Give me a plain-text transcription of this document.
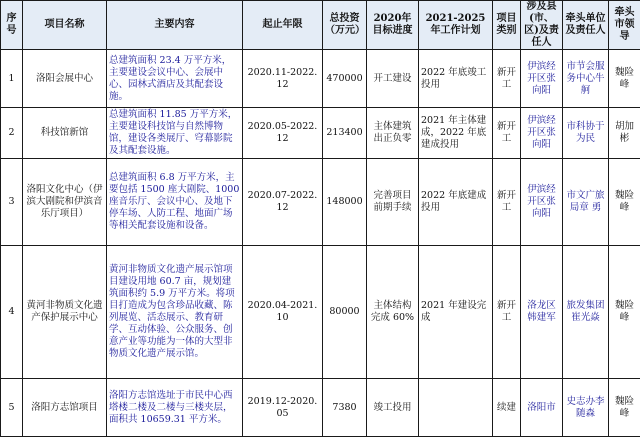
序号	项目名称	主要内容	起止年限	总投资（万元）	2020年目标进度	2021-2025年工作计划	项目类别	涉及县(市、区)及责任人	牵头单位及责任人	牵头市领导
1	洛阳会展中心	总建筑面积 23.4 万平方米，主要建设会议中心、会展中心、园林式酒店及其配套设施。	2020.11-2022.12	470000	开工建设	2022 年底竣工投用	新开工	伊滨经开区张向阳	市节会服务中心牛 舸	魏险峰
2	科技馆新馆	总建筑面积 11.85 万平方米，主要建设科技馆与自然博物馆，建设各类展厅、穹幕影院及其配套设施。	2020.05-2022.12	213400	主体建筑出正负零	2021 年主体建成，2022 年底建成投用	新开工	伊滨经开区张向阳	市科协于为民	胡加彬
3	洛阳文化中心（伊滨大剧院和伊滨音乐厅项目）	总建筑面积 6.8 万平方米，主要包括 1500 座大剧院、1000 座音乐厅、会议中心、及地下停车场、人防工程、地面广场等相关配套设施和设备。	2020.07-2022.12	148000	完善项目前期手续	2022 年底建成投用	新开工	伊滨经开区张向阳	市文广旅局章 勇	魏险峰
4	黄河非物质文化遗产保护展示中心	黄河非物质文化遗产展示馆项目建设用地 60.7 亩，规划建筑面积约 5.9 万平方米。将项目打造成为包含珍品收藏、陈列展览、活态展示、教育研学、互动体验、公众服务、创意产业等功能为一体的大型非物质文化遗产展示馆。	2020.04-2021.10	80000	主体结构完成 60%	2021 年建设完成	新开工	洛龙区韩建军	旅发集团崔光焱	魏险峰
5	洛阳方志馆项目	洛阳方志馆选址于市民中心西塔楼二楼及二楼与三楼夹层，面积共 10659.31 平方米。	2019.12-2020.05	7380	竣工投用		续建	洛阳市	史志办李随森	魏险峰
